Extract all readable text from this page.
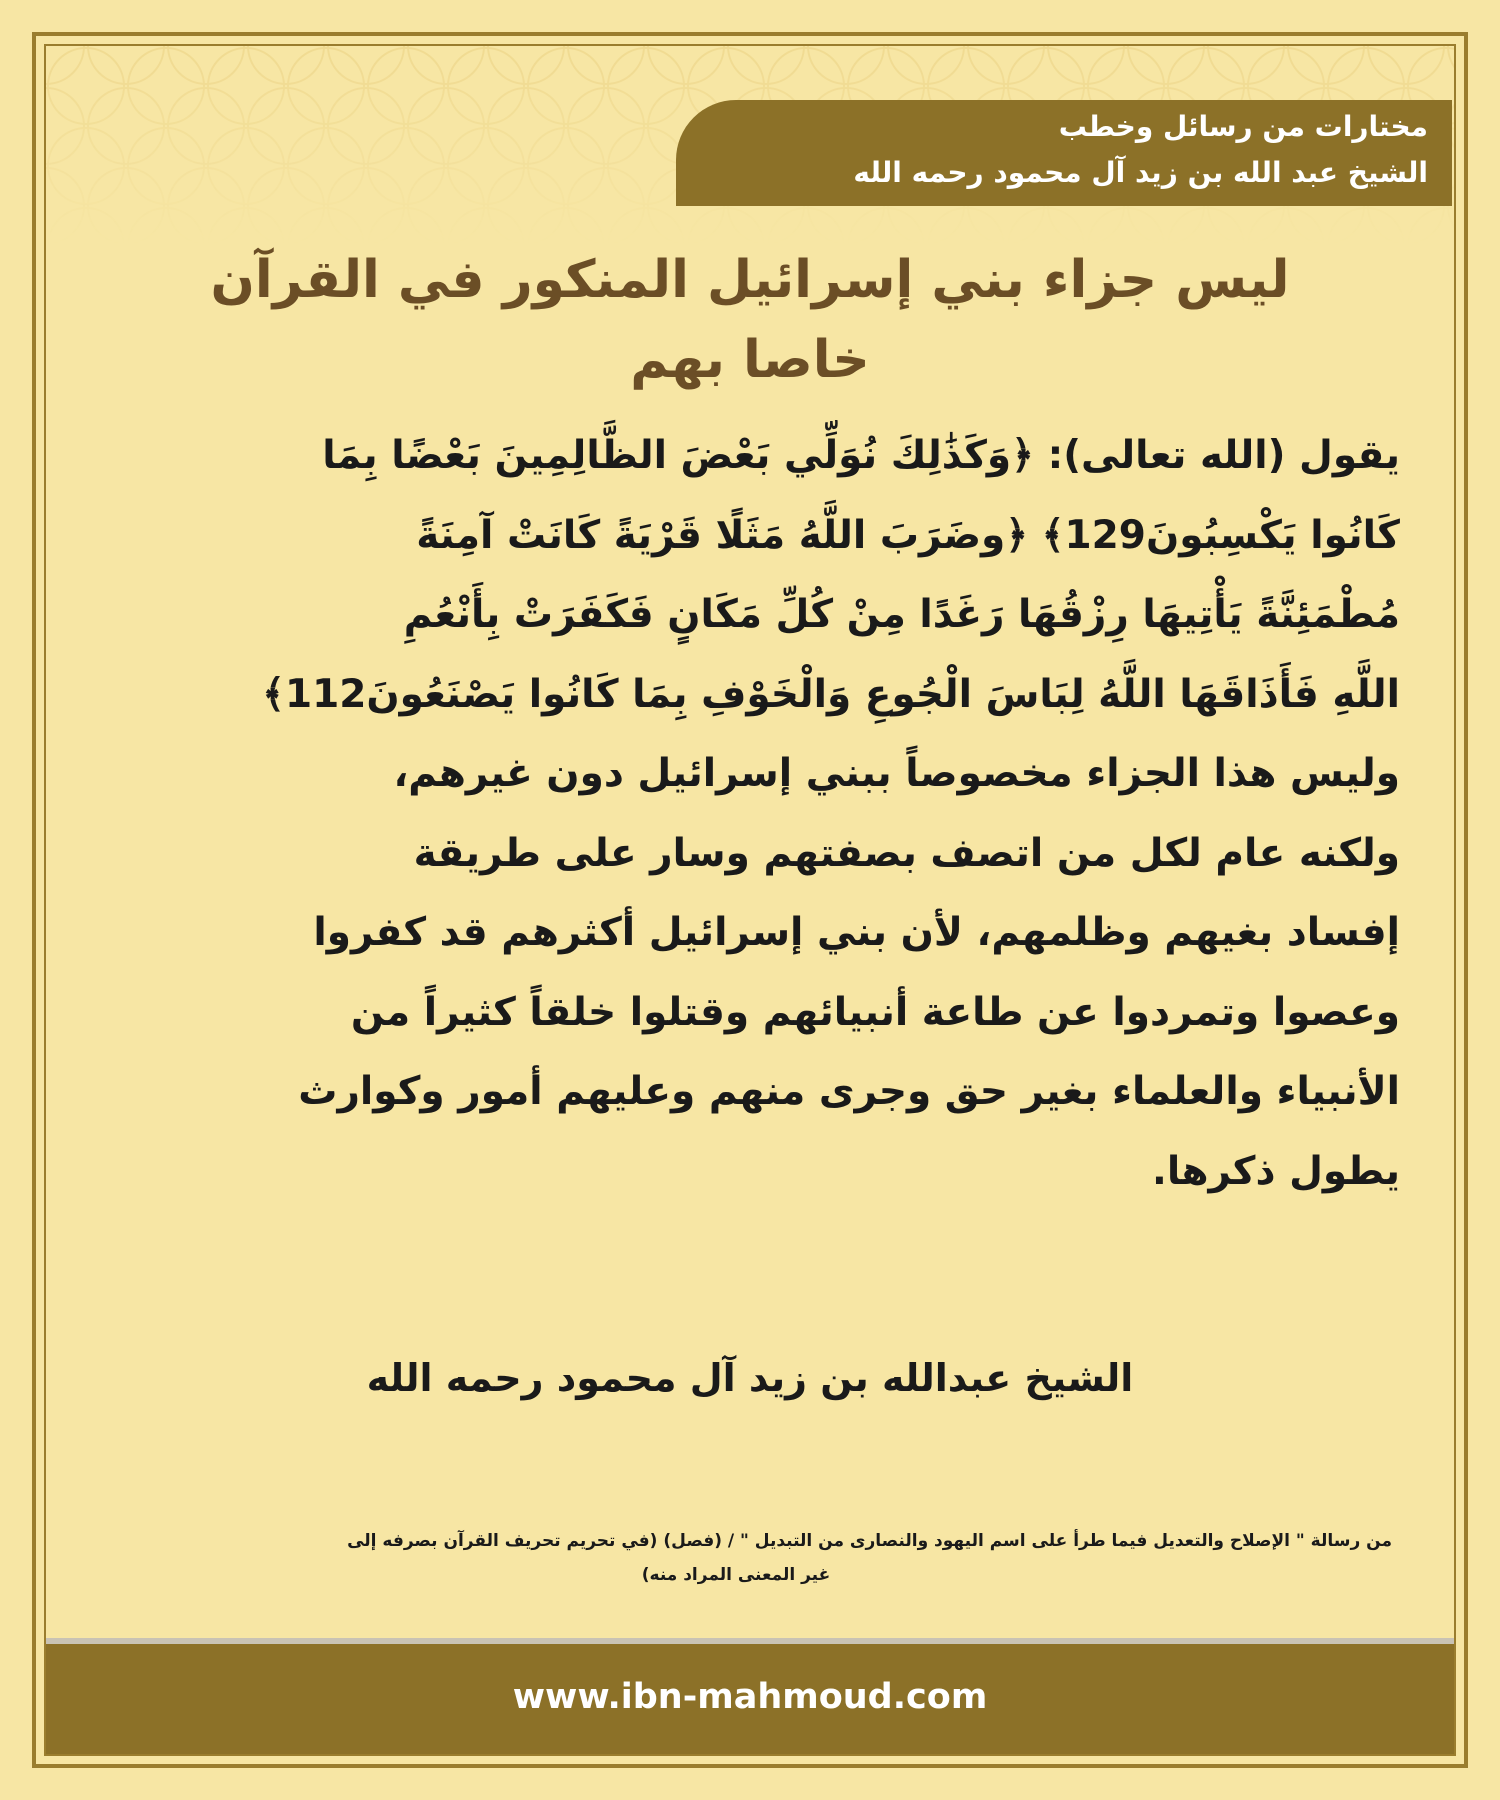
مختارات من رسائل وخطب
الشيخ عبد الله بن زيد آل محمود رحمه الله
ليس جزاء بني إسرائيل المنكور في القرآن
خاصا بهم
يقول (الله تعالى): ﴿وَكَذَٰلِكَ نُوَلِّي بَعْضَ الظَّالِمِينَ بَعْضًا بِمَا
كَانُوا يَكْسِبُونَ129﴾ ﴿وضَرَبَ اللَّهُ مَثَلًا قَرْيَةً كَانَتْ آمِنَةً
مُطْمَئِنَّةً يَأْتِيهَا رِزْقُهَا رَغَدًا مِنْ كُلِّ مَكَانٍ فَكَفَرَتْ بِأَنْعُمِ
اللَّهِ فَأَذَاقَهَا اللَّهُ لِبَاسَ الْجُوعِ وَالْخَوْفِ بِمَا كَانُوا يَصْنَعُونَ112﴾
وليس هذا الجزاء مخصوصاً ببني إسرائيل دون غيرهم،
ولكنه عام لكل من اتصف بصفتهم وسار على طريقة
إفساد بغيهم وظلمهم، لأن بني إسرائيل أكثرهم قد كفروا
وعصوا وتمردوا عن طاعة أنبيائهم وقتلوا خلقاً كثيراً من
الأنبياء والعلماء بغير حق وجرى منهم وعليهم أمور وكوارث
يطول ذكرها.
الشيخ عبدالله بن زيد آل محمود رحمه الله
من رسالة " الإصلاح والتعديل فيما طرأ على اسم اليهود والنصارى من التبديل " / (فصل) (في تحريم تحريف القرآن بصرفه إلى
غير المعنى المراد منه)
www.ibn-mahmoud.com
